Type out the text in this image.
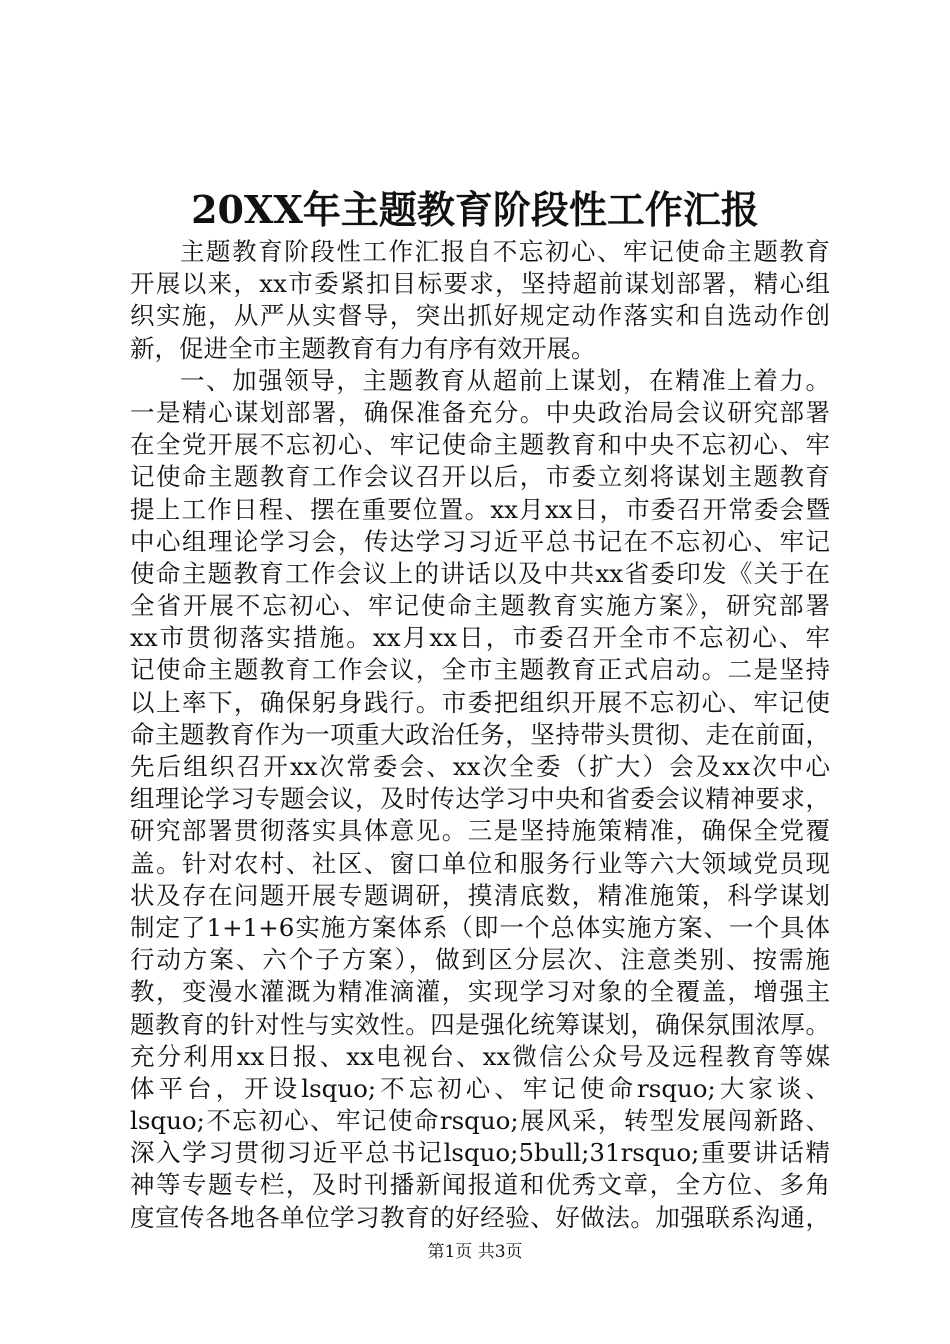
20XX年主题教育阶段性工作汇报
主题教育阶段性工作汇报自不忘初心、牢记使命主题教育
开展以来，xx市委紧扣目标要求，坚持超前谋划部署，精心组
织实施，从严从实督导，突出抓好规定动作落实和自选动作创
新，促进全市主题教育有力有序有效开展。
一、加强领导，主题教育从超前上谋划，在精准上着力。
一是精心谋划部署，确保准备充分。中央政治局会议研究部署
在全党开展不忘初心、牢记使命主题教育和中央不忘初心、牢
记使命主题教育工作会议召开以后，市委立刻将谋划主题教育
提上工作日程、摆在重要位置。xx月xx日，市委召开常委会暨
中心组理论学习会，传达学习习近平总书记在不忘初心、牢记
使命主题教育工作会议上的讲话以及中共xx省委印发《关于在
全省开展不忘初心、牢记使命主题教育实施方案》，研究部署
xx市贯彻落实措施。xx月xx日，市委召开全市不忘初心、牢
记使命主题教育工作会议，全市主题教育正式启动。二是坚持
以上率下，确保躬身践行。市委把组织开展不忘初心、牢记使
命主题教育作为一项重大政治任务，坚持带头贯彻、走在前面，
先后组织召开xx次常委会、xx次全委（扩大）会及xx次中心
组理论学习专题会议，及时传达学习中央和省委会议精神要求，
研究部署贯彻落实具体意见。三是坚持施策精准，确保全党覆
盖。针对农村、社区、窗口单位和服务行业等六大领域党员现
状及存在问题开展专题调研，摸清底数，精准施策，科学谋划
制定了1+1+6实施方案体系（即一个总体实施方案、一个具体
行动方案、六个子方案），做到区分层次、注意类别、按需施
教，变漫水灌溉为精准滴灌，实现学习对象的全覆盖，增强主
题教育的针对性与实效性。四是强化统筹谋划，确保氛围浓厚。
充分利用xx日报、xx电视台、xx微信公众号及远程教育等媒
体平台，开设lsquo;不忘初心、牢记使命rsquo;大家谈、
lsquo;不忘初心、牢记使命rsquo;展风采，转型发展闯新路、
深入学习贯彻习近平总书记lsquo;5bull;31rsquo;重要讲话精
神等专题专栏，及时刊播新闻报道和优秀文章，全方位、多角
度宣传各地各单位学习教育的好经验、好做法。加强联系沟通，
第1页 共3页
